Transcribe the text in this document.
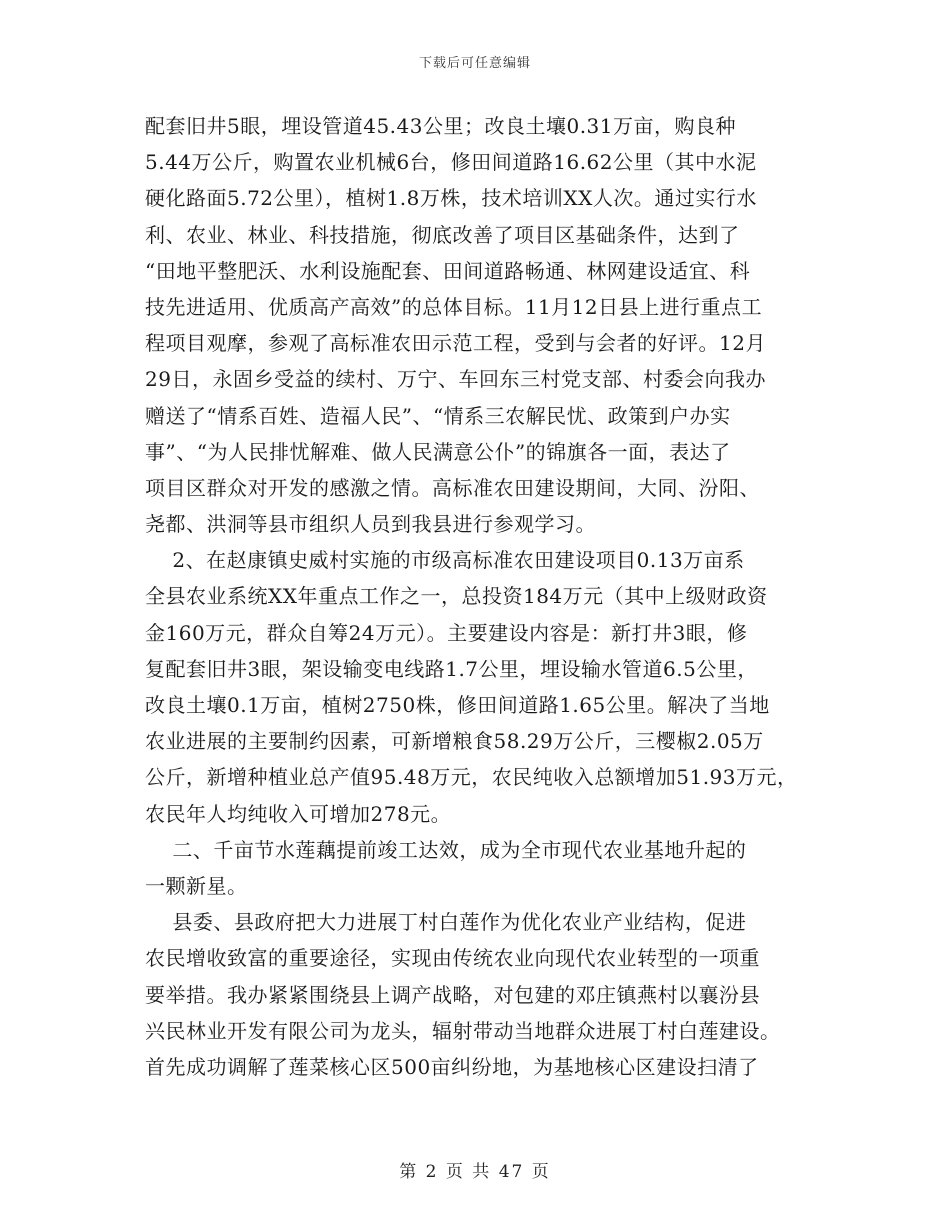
下载后可任意编辑
配套旧井5眼，埋设管道45.43公里；改良土壤0.31万亩，购良种
5.44万公斤，购置农业机械6台，修田间道路16.62公里（其中水泥
硬化路面5.72公里），植树1.8万株，技术培训XX人次。通过实行水
利、农业、林业、科技措施，彻底改善了项目区基础条件，达到了
“田地平整肥沃、水利设施配套、田间道路畅通、林网建设适宜、科
技先进适用、优质高产高效”的总体目标。11月12日县上进行重点工
程项目观摩，参观了高标准农田示范工程，受到与会者的好评。12月
29日，永固乡受益的续村、万宁、车回东三村党支部、村委会向我办
赠送了“情系百姓、造福人民”、“情系三农解民忧、政策到户办实
事”、“为人民排忧解难、做人民满意公仆”的锦旗各一面，表达了
项目区群众对开发的感激之情。高标准农田建设期间，大同、汾阳、
尧都、洪洞等县市组织人员到我县进行参观学习。
2、在赵康镇史威村实施的市级高标准农田建设项目0.13万亩系
全县农业系统XX年重点工作之一，总投资184万元（其中上级财政资
金160万元，群众自筹24万元）。主要建设内容是：新打井3眼，修
复配套旧井3眼，架设输变电线路1.7公里，埋设输水管道6.5公里，
改良土壤0.1万亩，植树2750株，修田间道路1.65公里。解决了当地
农业进展的主要制约因素，可新增粮食58.29万公斤，三樱椒2.05万
公斤，新增种植业总产值95.48万元，农民纯收入总额增加51.93万元，
农民年人均纯收入可增加278元。
二、千亩节水莲藕提前竣工达效，成为全市现代农业基地升起的
一颗新星。
县委、县政府把大力进展丁村白莲作为优化农业产业结构，促进
农民增收致富的重要途径，实现由传统农业向现代农业转型的一项重
要举措。我办紧紧围绕县上调产战略，对包建的邓庄镇燕村以襄汾县
兴民林业开发有限公司为龙头，辐射带动当地群众进展丁村白莲建设。
首先成功调解了莲菜核心区500亩纠纷地，为基地核心区建设扫清了
第 2 页 共 47 页
